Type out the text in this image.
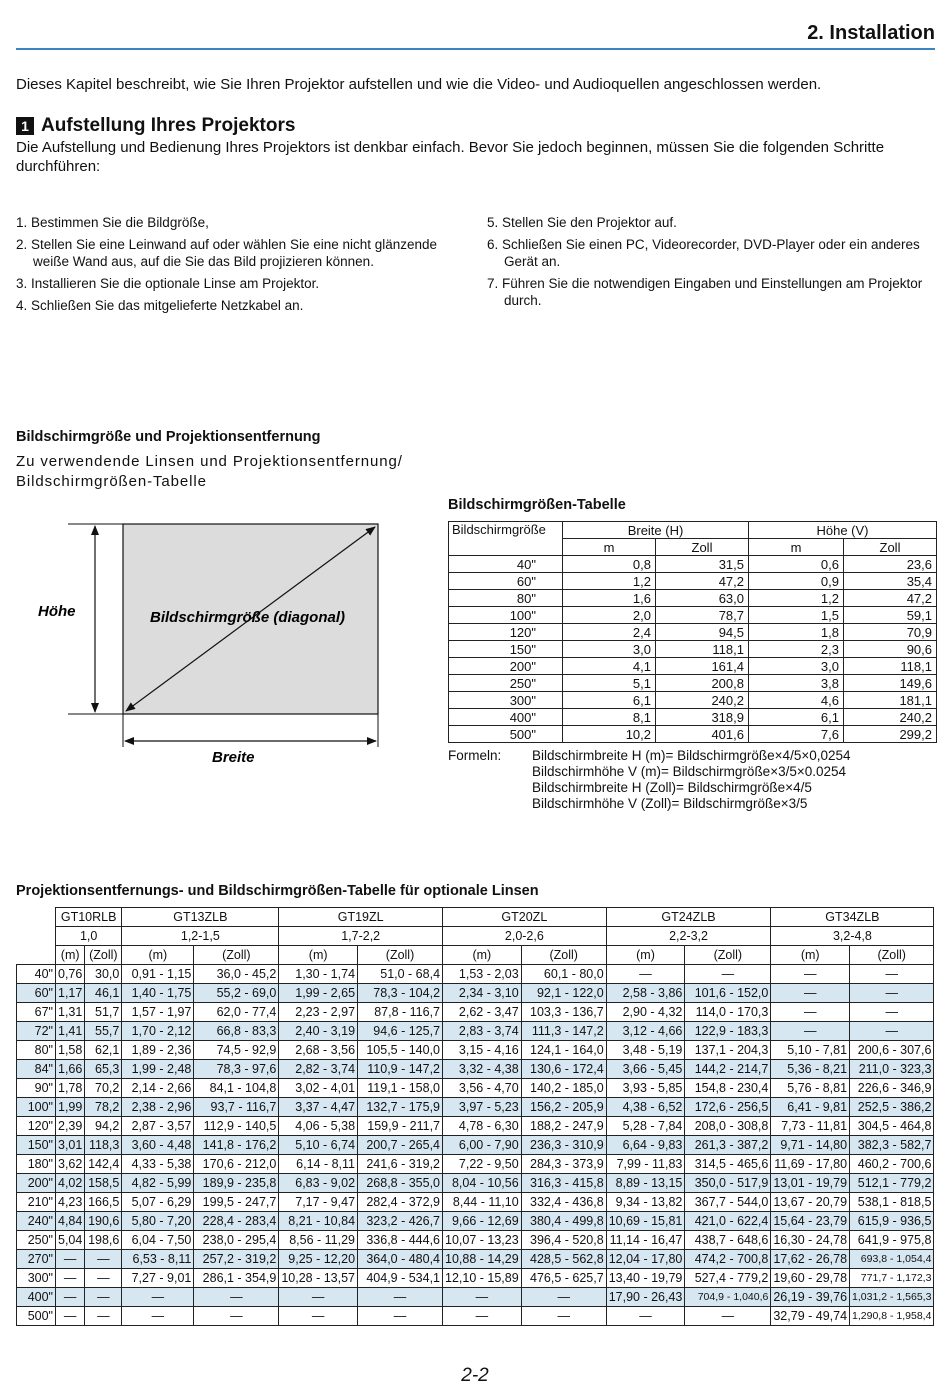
2. Installation
Dieses Kapitel beschreibt, wie Sie Ihren Projektor aufstellen und wie die Video- und Audioquellen angeschlossen werden.
1 Aufstellung Ihres Projektors
Die Aufstellung und Bedienung Ihres Projektors ist denkbar einfach. Bevor Sie jedoch beginnen, müssen Sie die folgenden Schritte durchführen:
1. Bestimmen Sie die Bildgröße,
2. Stellen Sie eine Leinwand auf oder wählen Sie eine nicht glänzende weiße Wand aus, auf die Sie das Bild projizieren können.
3. Installieren Sie die optionale Linse am Projektor.
4. Schließen Sie das mitgelieferte Netzkabel an.
5. Stellen Sie den Projektor auf.
6. Schließen Sie einen PC, Videorecorder, DVD-Player oder ein anderes Gerät an.
7. Führen Sie die notwendigen Eingaben und Einstellungen am Projektor durch.
Bildschirmgröße und Projektionsentfernung
Zu verwendende Linsen und Projektionsentfernung/
Bildschirmgrößen-Tabelle
Höhe	Bildschirmgröße (diagonal)
Breite
Bildschirmgrößen-Tabelle
Bildschirmgröße	Breite (H)		Höhe (V)	
	m	Zoll	m	Zoll
40"	0,8	31,5	0,6	23,6
60"	1,2	47,2	0,9	35,4
80"	1,6	63,0	1,2	47,2
100"	2,0	78,7	1,5	59,1
120"	2,4	94,5	1,8	70,9
150"	3,0	118,1	2,3	90,6
200"	4,1	161,4	3,0	118,1
250"	5,1	200,8	3,8	149,6
300"	6,1	240,2	4,6	181,1
400"	8,1	318,9	6,1	240,2
500"	10,2	401,6	7,6	299,2
Formeln: Bildschirmbreite H (m)= Bildschirmgröße×4/5×0,0254
Bildschirmhöhe V (m)= Bildschirmgröße×3/5×0.0254
Bildschirmbreite H (Zoll)= Bildschirmgröße×4/5
Bildschirmhöhe V (Zoll)= Bildschirmgröße×3/5
Projektionsentfernungs- und Bildschirmgrößen-Tabelle für optionale Linsen
	GT10RLB		GT13ZLB		GT19ZL		GT20ZL		GT24ZLB		GT34ZLB	
	1,0		1,2-1,5		1,7-2,2		2,0-2,6		2,2-3,2		3,2-4,8	
	(m)	(Zoll)	(m)	(Zoll)	(m)	(Zoll)	(m)	(Zoll)	(m)	(Zoll)	(m)	(Zoll)
40"	0,76	30,0	0,91 - 1,15	36,0 - 45,2	1,30 - 1,74	51,0 - 68,4	1,53 - 2,03	60,1 - 80,0	—	—	—	—
60"	1,17	46,1	1,40 - 1,75	55,2 - 69,0	1,99 - 2,65	78,3 - 104,2	2,34 - 3,10	92,1 - 122,0	2,58 - 3,86	101,6 - 152,0	—	—
67"	1,31	51,7	1,57 - 1,97	62,0 - 77,4	2,23 - 2,97	87,8 - 116,7	2,62 - 3,47	103,3 - 136,7	2,90 - 4,32	114,0 - 170,3	—	—
72"	1,41	55,7	1,70 - 2,12	66,8 - 83,3	2,40 - 3,19	94,6 - 125,7	2,83 - 3,74	111,3 - 147,2	3,12 - 4,66	122,9 - 183,3	—	—
80"	1,58	62,1	1,89 - 2,36	74,5 - 92,9	2,68 - 3,56	105,5 - 140,0	3,15 - 4,16	124,1 - 164,0	3,48 - 5,19	137,1 - 204,3	5,10 - 7,81	200,6 - 307,6
84"	1,66	65,3	1,99 - 2,48	78,3 - 97,6	2,82 - 3,74	110,9 - 147,2	3,32 - 4,38	130,6 - 172,4	3,66 - 5,45	144,2 - 214,7	5,36 - 8,21	211,0 - 323,3
90"	1,78	70,2	2,14 - 2,66	84,1 - 104,8	3,02 - 4,01	119,1 - 158,0	3,56 - 4,70	140,2 - 185,0	3,93 - 5,85	154,8 - 230,4	5,76 - 8,81	226,6 - 346,9
100"	1,99	78,2	2,38 - 2,96	93,7 - 116,7	3,37 - 4,47	132,7 - 175,9	3,97 - 5,23	156,2 - 205,9	4,38 - 6,52	172,6 - 256,5	6,41 - 9,81	252,5 - 386,2
120"	2,39	94,2	2,87 - 3,57	112,9 - 140,5	4,06 - 5,38	159,9 - 211,7	4,78 - 6,30	188,2 - 247,9	5,28 - 7,84	208,0 - 308,8	7,73 - 11,81	304,5 - 464,8
150"	3,01	118,3	3,60 - 4,48	141,8 - 176,2	5,10 - 6,74	200,7 - 265,4	6,00 - 7,90	236,3 - 310,9	6,64 - 9,83	261,3 - 387,2	9,71 - 14,80	382,3 - 582,7
180"	3,62	142,4	4,33 - 5,38	170,6 - 212,0	6,14 - 8,11	241,6 - 319,2	7,22 - 9,50	284,3 - 373,9	7,99 - 11,83	314,5 - 465,6	11,69 - 17,80	460,2 - 700,6
200"	4,02	158,5	4,82 - 5,99	189,9 - 235,8	6,83 - 9,02	268,8 - 355,0	8,04 - 10,56	316,3 - 415,8	8,89 - 13,15	350,0 - 517,9	13,01 - 19,79	512,1 - 779,2
210"	4,23	166,5	5,07 - 6,29	199,5 - 247,7	7,17 - 9,47	282,4 - 372,9	8,44 - 11,10	332,4 - 436,8	9,34 - 13,82	367,7 - 544,0	13,67 - 20,79	538,1 - 818,5
240"	4,84	190,6	5,80 - 7,20	228,4 - 283,4	8,21 - 10,84	323,2 - 426,7	9,66 - 12,69	380,4 - 499,8	10,69 - 15,81	421,0 - 622,4	15,64 - 23,79	615,9 - 936,5
250"	5,04	198,6	6,04 - 7,50	238,0 - 295,4	8,56 - 11,29	336,8 - 444,6	10,07 - 13,23	396,4 - 520,8	11,14 - 16,47	438,7 - 648,6	16,30 - 24,78	641,9 - 975,8
270"	—	—	6,53 - 8,11	257,2 - 319,2	9,25 - 12,20	364,0 - 480,4	10,88 - 14,29	428,5 - 562,8	12,04 - 17,80	474,2 - 700,8	17,62 - 26,78	693,8 - 1,054,4
300"	—	—	7,27 - 9,01	286,1 - 354,9	10,28 - 13,57	404,9 - 534,1	12,10 - 15,89	476,5 - 625,7	13,40 - 19,79	527,4 - 779,2	19,60 - 29,78	771,7 - 1,172,3
400"	—	—	—	—	—	—	—	—	17,90 - 26,43	704,9 - 1,040,6	26,19 - 39,76	1,031,2 - 1,565,3
500"	—	—	—	—	—	—	—	—	—	—	32,79 - 49,74	1,290,8 - 1,958,4
2-2
